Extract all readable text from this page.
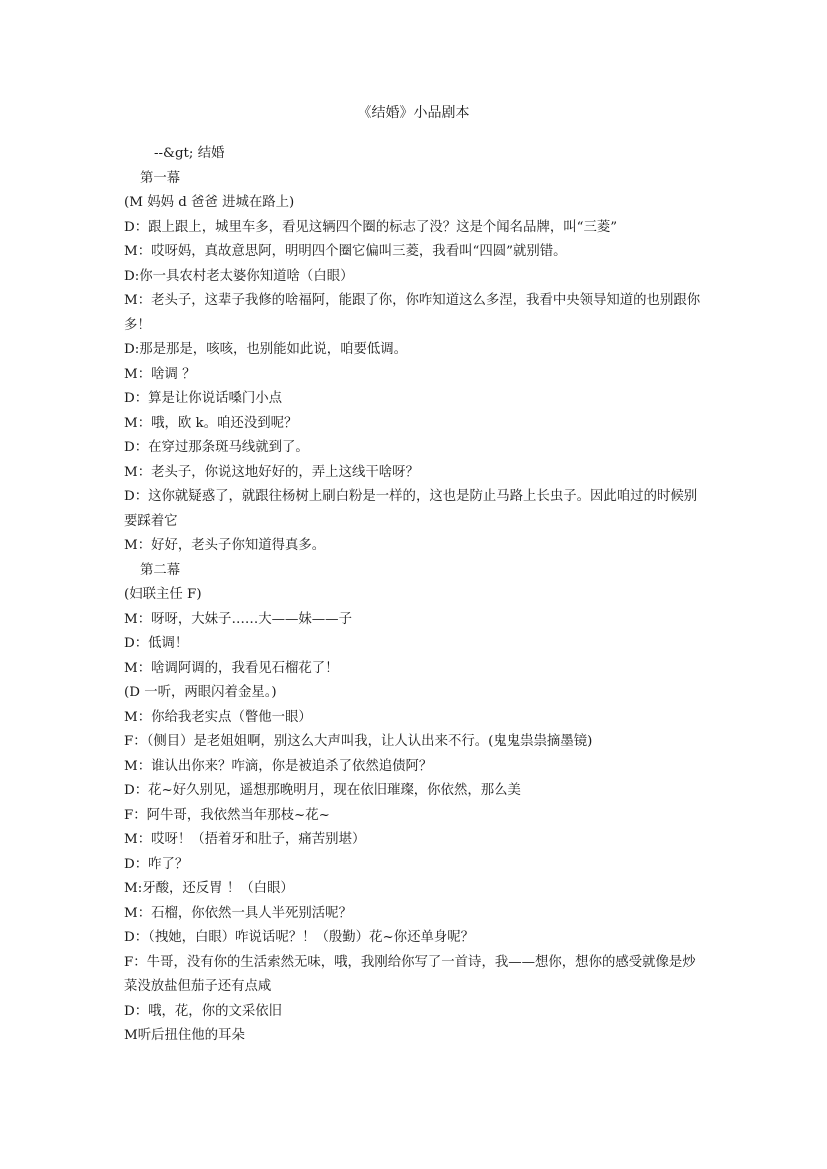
《结婚》小品剧本
--&gt; 结婚
第一幕
(M 妈妈 d 爸爸 进城在路上)
D：跟上跟上，城里车多，看见这辆四个圈的标志了没？这是个闻名品牌，叫“三菱”
M：哎呀妈，真故意思阿，明明四个圈它偏叫三菱，我看叫“四圆”就别错。
D:你一具农村老太婆你知道啥（白眼）
M：老头子，这辈子我修的啥福阿，能跟了你，你咋知道这么多涅，我看中央领导知道的也别跟你多！
D:那是那是，咳咳，也别能如此说，咱要低调。
M：啥调 ？
D：算是让你说话嗓门小点
M：哦，欧 k。咱还没到呢？
D：在穿过那条斑马线就到了。
M：老头子，你说这地好好的，弄上这线干啥呀？
D：这你就疑惑了，就跟往杨树上刷白粉是一样的，这也是防止马路上长虫子。因此咱过的时候别要踩着它
M：好好，老头子你知道得真多。
第二幕
(妇联主任 F)
M：呀呀，大妹子……大——妹——子
D：低调！
M：啥调阿调的，我看见石榴花了！
(D 一听，两眼闪着金星。)
M：你给我老实点（瞥他一眼）
F：（侧目）是老姐姐啊，别这么大声叫我，让人认出来不行。(鬼鬼祟祟摘墨镜)
M：谁认出你来？咋滴，你是被追杀了依然追债阿？
D：花~好久别见，遥想那晚明月，现在依旧璀璨，你依然，那么美
F：阿牛哥，我依然当年那枝~花~
M：哎呀！（捂着牙和肚子，痛苦别堪）
D：咋了？
M:牙酸，还反胃 ！（白眼）
M：石榴，你依然一具人半死别活呢？
D：（拽她，白眼）咋说话呢？！（殷勤）花~你还单身呢？
F：牛哥，没有你的生活索然无味，哦，我刚给你写了一首诗，我——想你，想你的感受就像是炒菜没放盐但茄子还有点咸
D：哦，花，你的文采依旧
M听后扭住他的耳朵
